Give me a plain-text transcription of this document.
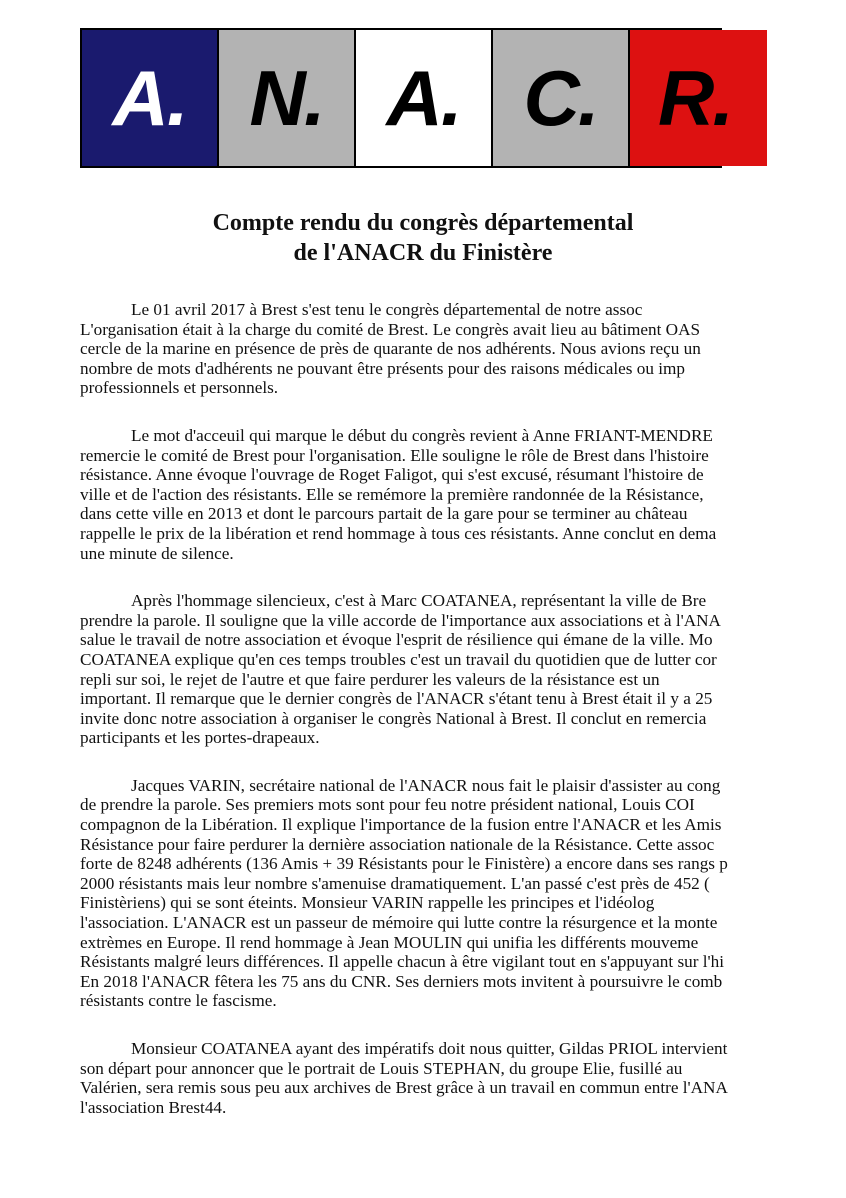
A. N. A. C. R.
Compte rendu du congrès départemental
de l'ANACR du Finistère
Le 01 avril 2017 à Brest s'est tenu le congrès départemental de notre assoc
L'organisation était à la charge du comité de Brest. Le congrès avait lieu au bâtiment OAS
cercle de la marine en présence de près de quarante de nos adhérents. Nous avions reçu un
nombre de mots d'adhérents ne pouvant être présents pour des raisons médicales ou imp
professionnels et personnels.
Le mot d'acceuil qui marque le début du congrès revient à Anne FRIANT-MENDRE
remercie le comité de Brest pour l'organisation. Elle souligne le rôle de Brest dans l'histoire
résistance. Anne évoque l'ouvrage de Roget Faligot, qui s'est excusé, résumant l'histoire de
ville et de l'action des résistants. Elle se remémore la première randonnée de la Résistance,
dans cette ville en 2013 et dont le parcours partait de la gare pour se terminer au château
rappelle le prix de la libération et rend hommage à tous ces résistants. Anne conclut en dema
une minute de silence.
Après l'hommage silencieux, c'est à Marc COATANEA, représentant la ville de Bre
prendre la parole. Il souligne que la ville accorde de l'importance aux associations et à l'ANA
salue le travail de notre association et évoque l'esprit de résilience qui émane de la ville. Mo
COATANEA explique qu'en ces temps troubles c'est un travail du quotidien que de lutter cor
repli sur soi, le rejet de l'autre et que faire perdurer les valeurs de la résistance est un
important. Il remarque que le dernier congrès de l'ANACR s'étant tenu à Brest était il y a 25
invite donc notre association à organiser le congrès National à Brest. Il conclut en remercia
participants et les portes-drapeaux.
Jacques VARIN, secrétaire national de l'ANACR nous fait le plaisir d'assister au cong
de prendre la parole. Ses premiers mots sont pour feu notre président national, Louis COI
compagnon de la Libération. Il explique l'importance de la fusion entre l'ANACR et les Amis
Résistance pour faire perdurer la dernière association nationale de la Résistance. Cette assoc
forte de 8248 adhérents (136 Amis + 39 Résistants pour le Finistère) a encore dans ses rangs p
2000 résistants mais leur nombre s'amenuise dramatiquement. L'an passé c'est près de 452 (
Finistèriens) qui se sont éteints. Monsieur VARIN rappelle les principes et l'idéolog
l'association. L'ANACR est un passeur de mémoire qui lutte contre la résurgence et la monte
extrèmes en Europe. Il rend hommage à Jean MOULIN qui unifia les différents mouveme
Résistants malgré leurs différences. Il appelle chacun à être vigilant tout en s'appuyant sur l'hi
En 2018 l'ANACR fêtera les 75 ans du CNR. Ses derniers mots invitent à poursuivre le comb
résistants contre le fascisme.
Monsieur COATANEA ayant des impératifs doit nous quitter, Gildas PRIOL intervient
son départ pour annoncer que le portrait de Louis STEPHAN, du groupe Elie, fusillé au
Valérien, sera remis sous peu aux archives de Brest grâce à un travail en commun entre l'ANA
l'association Brest44.
